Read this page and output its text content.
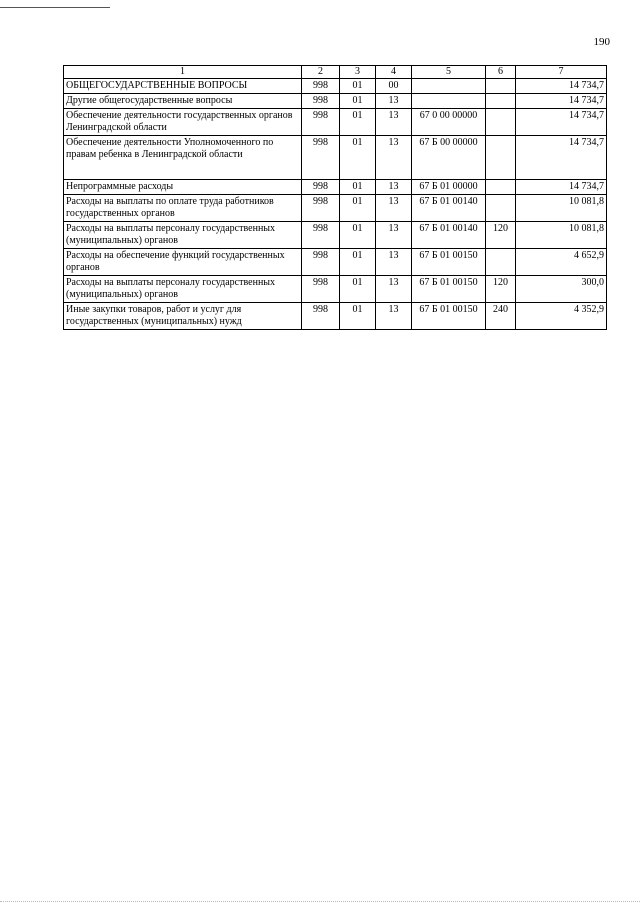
190
1	2	3	4	5	6	7
ОБЩЕГОСУДАРСТВЕННЫЕ ВОПРОСЫ	998	01	00			14 734,7
Другие общегосударственные вопросы	998	01	13			14 734,7
Обеспечение деятельности государственных органов Ленинградской области	998	01	13	67 0 00 00000		14 734,7
Обеспечение деятельности Уполномоченного по правам ребенка в Ленинградской области	998	01	13	67 Б 00 00000		14 734,7
Непрограммные расходы	998	01	13	67 Б 01 00000		14 734,7
Расходы на выплаты по оплате труда работников государственных органов	998	01	13	67 Б 01 00140		10 081,8
Расходы на выплаты персоналу государственных (муниципальных) органов	998	01	13	67 Б 01 00140	120	10 081,8
Расходы на обеспечение функций государственных органов	998	01	13	67 Б 01 00150		4 652,9
Расходы на выплаты персоналу государственных (муниципальных) органов	998	01	13	67 Б 01 00150	120	300,0
Иные закупки товаров, работ и услуг для государственных (муниципальных) нужд	998	01	13	67 Б 01 00150	240	4 352,9
